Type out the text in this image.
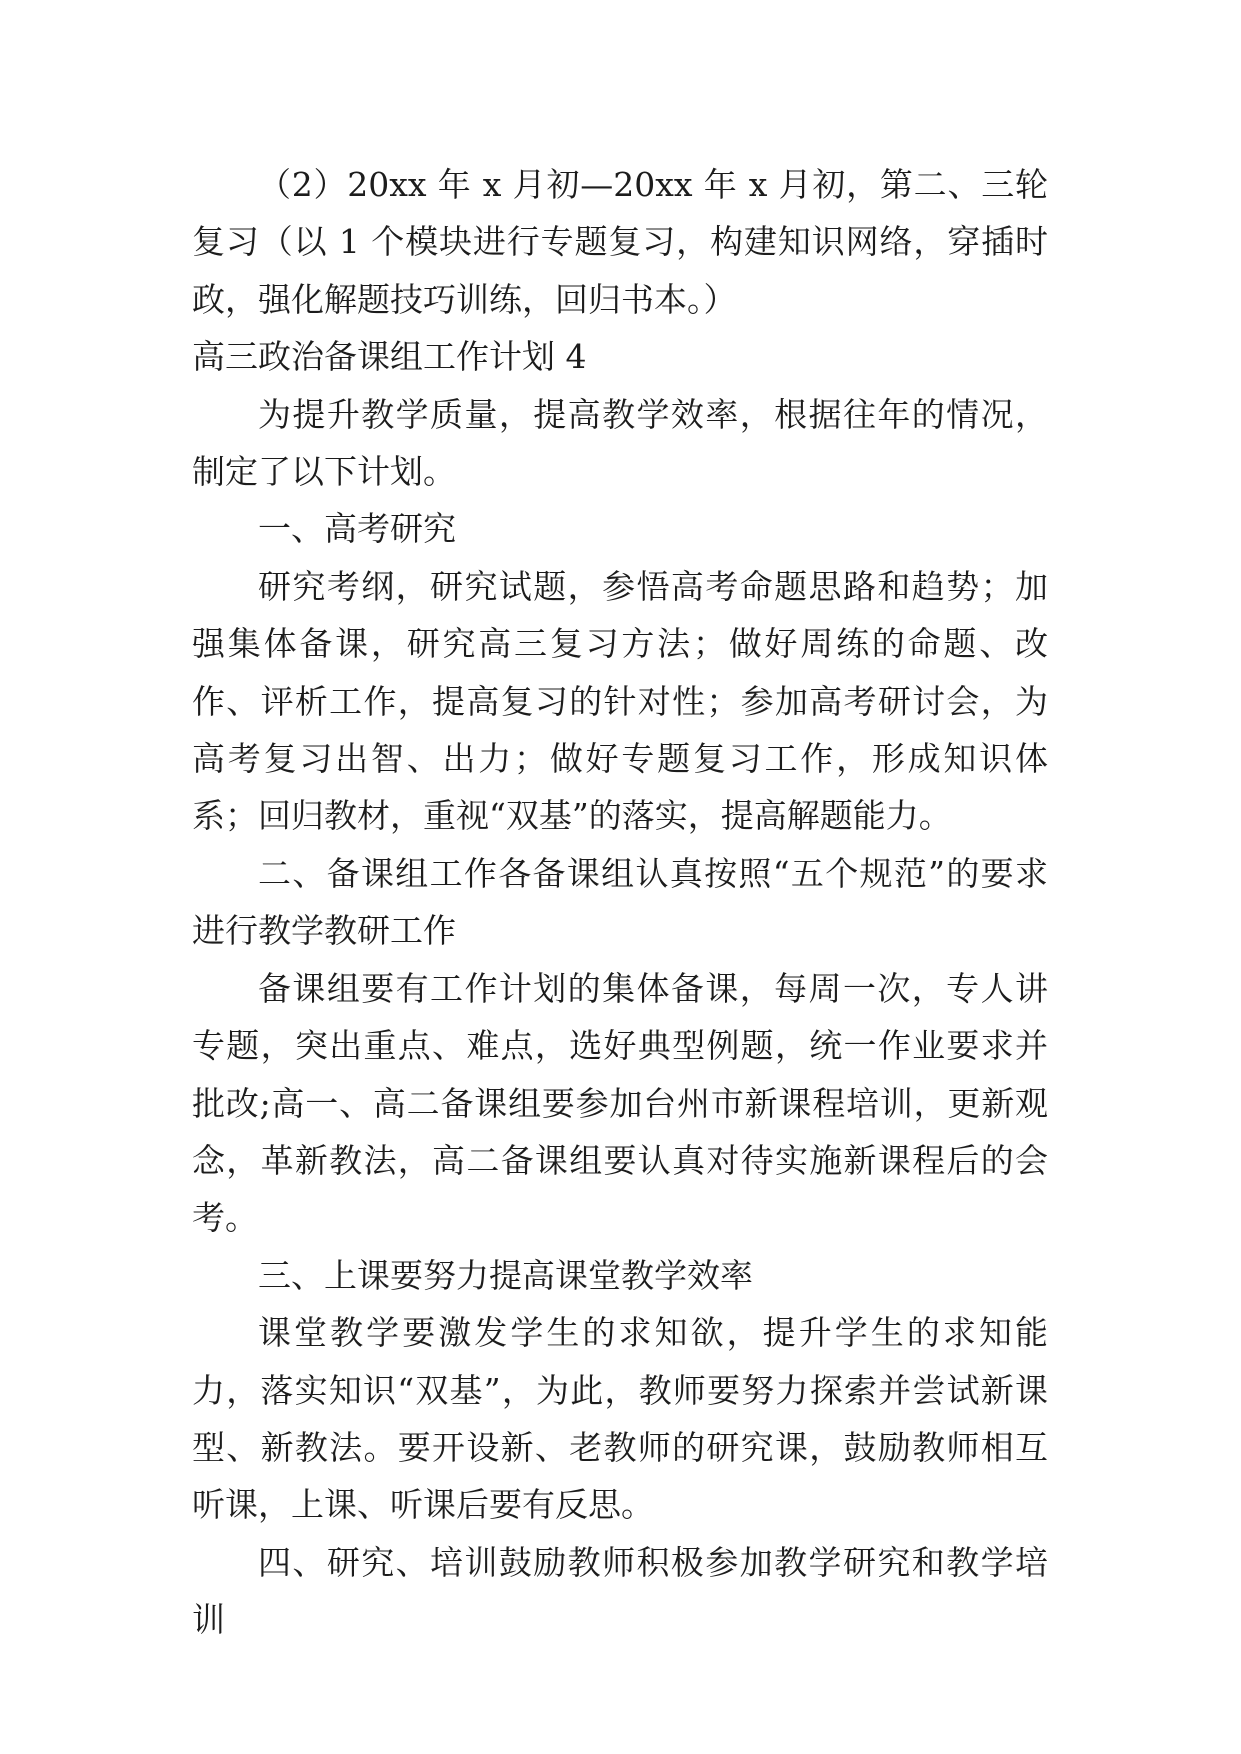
（2）20xx 年 x 月初—20xx 年 x 月初，第二、三轮复习（以 1 个模块进行专题复习，构建知识网络，穿插时政，强化解题技巧训练，回归书本。）

高三政治备课组工作计划 4

为提升教学质量，提高教学效率，根据往年的情况，制定了以下计划。

一、高考研究

研究考纲，研究试题，参悟高考命题思路和趋势；加强集体备课，研究高三复习方法；做好周练的命题、改作、评析工作，提高复习的针对性；参加高考研讨会，为高考复习出智、出力；做好专题复习工作，形成知识体系；回归教材，重视“双基”的落实，提高解题能力。

二、备课组工作各备课组认真按照“五个规范”的要求进行教学教研工作

备课组要有工作计划的集体备课，每周一次，专人讲专题，突出重点、难点，选好典型例题，统一作业要求并批改;高一、高二备课组要参加台州市新课程培训，更新观念，革新教法，高二备课组要认真对待实施新课程后的会考。

三、上课要努力提高课堂教学效率

课堂教学要激发学生的求知欲，提升学生的求知能力，落实知识“双基”，为此，教师要努力探索并尝试新课型、新教法。要开设新、老教师的研究课，鼓励教师相互听课，上课、听课后要有反思。

四、研究、培训鼓励教师积极参加教学研究和教学培训
